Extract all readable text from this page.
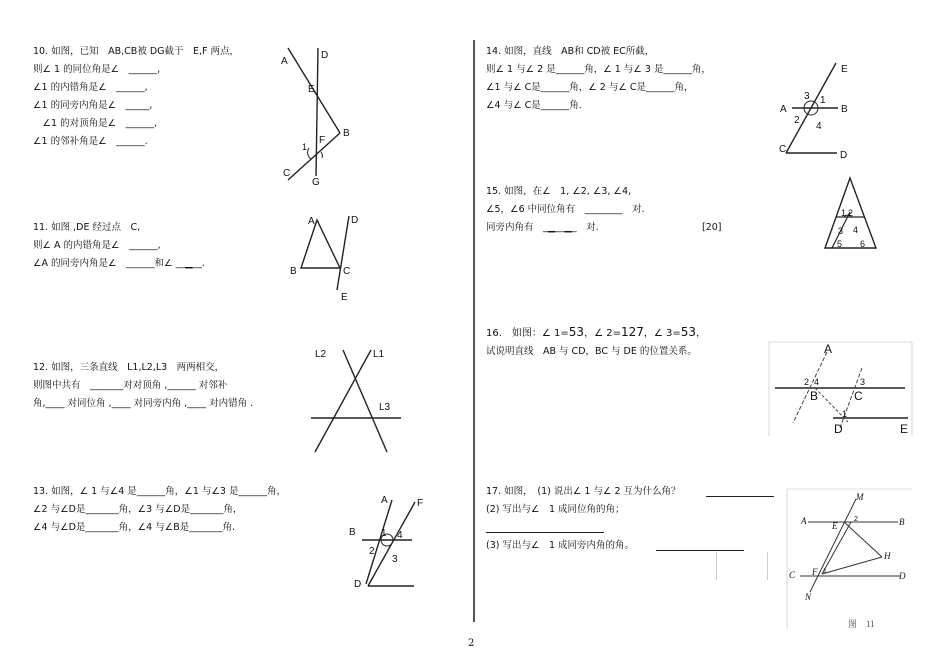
10. 如图，已知　AB,CB被 DG截于　E,F 两点，
则∠ 1 的同位角是∠　______,
∠1 的内错角是∠　______,
∠1 的同旁内角是∠　_____,
　∠1 的对顶角是∠　______,
∠1 的邻补角是∠　______.
A
D
E
B
F
1
C
G
11. 如图 ,DE 经过点　C,
则∠ A 的内错角是∠　______,
∠A 的同旁内角是∠　______和∠ __▁__.
A	D
B	C
E
12. 如图，三条直线　L1,L2,L3　两两相交，
则图中共有　_______对对顶角 ,______ 对邻补
角,____ 对同位角 ,____ 对同旁内角 ,____ 对内错角 .
L2	L1
L3
13. 如图，∠ 1 与∠4 是______角，∠1 与∠3 是______角，
∠2 与∠D是_______角，∠3 与∠D是_______角，
∠4 与∠D是_______角，∠4 与∠B是_______角.
A	F
B	1 4
2
3
D
14. 如图，直线　AB和 CD被 EC所截，
则∠ 1 与∠ 2 是______角，∠ 1 与∠ 3 是______角，
∠1 与∠ C是______角，∠ 2 与∠ C是______角，
∠4 与∠ C是______角.
E
A	B
3 1
2
4
C
D
15. 如图，在∠　1, ∠2, ∠3, ∠4,
∠5，∠6 中同位角有　________　对.
同旁内角有　_▁__▁_　对.	[20]
1 2
3 4
5 6
16.　如图：∠ 1=53，∠ 2=127，∠ 3=53，
试说明直线　AB 与 CD，BC 与 DE 的位置关系。	A
2 4	3
B	C
1
D	E
17. 如图，　(1) 说出∠ 1 与∠ 2 互为什么角？
(2) 写出与∠　1 成同位角的角；
(3) 写出与∠　1 成同旁内角的角。
M
A	E
2	B
H
C F 1	D
N
图　11
2
